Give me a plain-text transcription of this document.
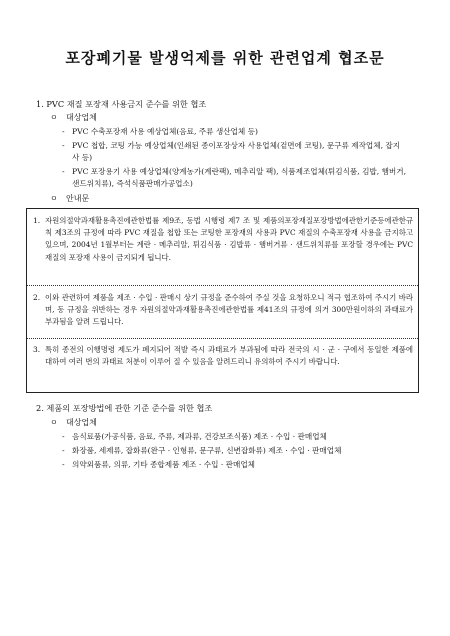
포장폐기물 발생억제를 위한 관련업계 협조문
1. PVC 재질 포장재 사용금지 준수를 위한 협조
ㅇ 대상업체
- PVC 수축포장재 사용 예상업체(음료, 주류 생산업체 등)
- PVC 첩합, 코팅 가능 예상업체(인쇄된 종이포장상자 사용업체(겉면에 코팅), 문구류 제작업체, 잡지사 등)
- PVC 포장용기 사용 예상업체(양계농가(계란팩), 메추리알 팩), 식품제조업체(튀김식품, 김밥, 햄버거, 샌드위치류), 즉석식품판매가공업소)
ㅇ 안내문
1. 자원의절약과재활용촉진에관한법률 제9조, 동법 시행령 제7 조 및 제품의포장재질포장방법에관한기준등에관한규칙 제3조의 규정에 따라 PVC 재질을 첩합 또는 코팅한 포장재의 사용과 PVC 재질의 수축포장재 사용을 금지하고 있으며, 2004년 1월부터는 계란 · 메추리알, 튀김식품 · 김밥류 · 햄버거류 · 샌드위치류를 포장할 경우에는 PVC 재질의 포장재 사용이 금지되게 됩니다.
2. 이와 관련하여 제품을 제조 · 수입 · 판매시 상기 규정을 준수하여 주실 것을 요청하오니 적극 협조하여 주시기 바라며, 동 규정을 위반하는 경우 자원의절약과재활용촉진에관한법률 제41조의 규정에 의거 300만원이하의 과태료가 부과됨을 알려 드립니다.
3. 특히 종전의 이행명령 제도가 폐지되어 적발 즉시 과태료가 부과됨에 따라 전국의 시 · 군 · 구에서 동일한 제품에 대하여 여러 번의 과태료 처분이 이루어 질 수 있음을 알려드리니 유의하여 주시기 바랍니다.
2. 제품의 포장방법에 관한 기준 준수를 위한 협조
ㅇ 대상업체
- 음식료품(가공식품, 음료, 주류, 제과류, 건강보조식품) 제조 · 수입 · 판매업체
- 화장품, 세제류, 잡화류(완구 · 인형류, 문구류, 신변잡화류) 제조 · 수입 · 판매업체
- 의약외품류, 의류, 기타 종합제품 제조 · 수입 · 판매업체
